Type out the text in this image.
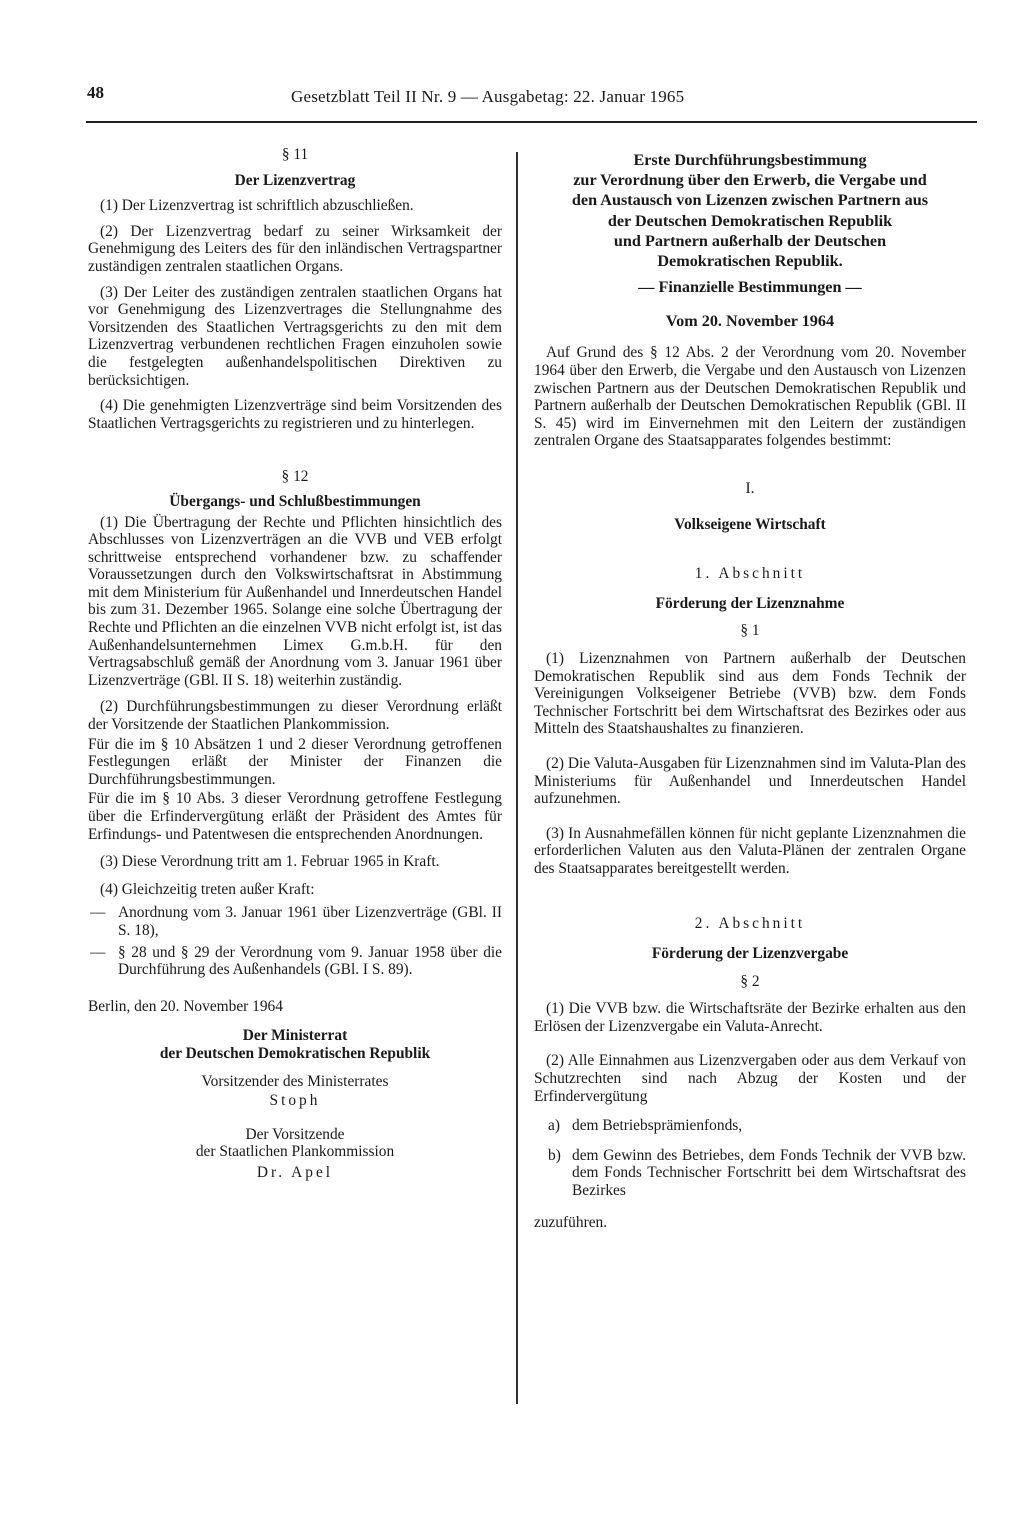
48	Gesetzblatt Teil II Nr. 9 — Ausgabetag: 22. Januar 1965

§ 11

Der Lizenzvertrag

(1) Der Lizenzvertrag ist schriftlich abzuschließen.

(2) Der Lizenzvertrag bedarf zu seiner Wirksamkeit der Genehmigung des Leiters des für den inländischen Vertragspartner zuständigen zentralen staatlichen Organs.

(3) Der Leiter des zuständigen zentralen staatlichen Organs hat vor Genehmigung des Lizenzvertrages die Stellungnahme des Vorsitzenden des Staatlichen Vertragsgerichts zu den mit dem Lizenzvertrag verbundenen rechtlichen Fragen einzuholen sowie die festgelegten außenhandelspolitischen Direktiven zu berücksichtigen.

(4) Die genehmigten Lizenzverträge sind beim Vorsitzenden des Staatlichen Vertragsgerichts zu registrieren und zu hinterlegen.

§ 12

Übergangs- und Schlußbestimmungen

(1) Die Übertragung der Rechte und Pflichten hinsichtlich des Abschlusses von Lizenzverträgen an die VVB und VEB erfolgt schrittweise entsprechend vorhandener bzw. zu schaffender Voraussetzungen durch den Volkswirtschaftsrat in Abstimmung mit dem Ministerium für Außenhandel und Innerdeutschen Handel bis zum 31. Dezember 1965. Solange eine solche Übertragung der Rechte und Pflichten an die einzelnen VVB nicht erfolgt ist, ist das Außenhandelsunternehmen Limex G.m.b.H. für den Vertragsabschluß gemäß der Anordnung vom 3. Januar 1961 über Lizenzverträge (GBl. II S. 18) weiterhin zuständig.

(2) Durchführungsbestimmungen zu dieser Verordnung erläßt der Vorsitzende der Staatlichen Plankommission.

Für die im § 10 Absätzen 1 und 2 dieser Verordnung getroffenen Festlegungen erläßt der Minister der Finanzen die Durchführungsbestimmungen.

Für die im § 10 Abs. 3 dieser Verordnung getroffene Festlegung über die Erfindervergütung erläßt der Präsident des Amtes für Erfindungs- und Patentwesen die entsprechenden Anordnungen.

(3) Diese Verordnung tritt am 1. Februar 1965 in Kraft.

(4) Gleichzeitig treten außer Kraft:

— Anordnung vom 3. Januar 1961 über Lizenzverträge (GBl. II S. 18),
— § 28 und § 29 der Verordnung vom 9. Januar 1958 über die Durchführung des Außenhandels (GBl. I S. 89).

Berlin, den 20. November 1964

Der Ministerrat

der Deutschen Demokratischen Republik

Vorsitzender des Ministerrates

Stoph

Der Vorsitzende

der Staatlichen Plankommission

Dr. Apel

Erste Durchführungsbestimmung
zur Verordnung über den Erwerb, die Vergabe und
den Austausch von Lizenzen zwischen Partnern aus
der Deutschen Demokratischen Republik
und Partnern außerhalb der Deutschen
Demokratischen Republik.

— Finanzielle Bestimmungen —

Vom 20. November 1964

Auf Grund des § 12 Abs. 2 der Verordnung vom 20. November 1964 über den Erwerb, die Vergabe und den Austausch von Lizenzen zwischen Partnern aus der Deutschen Demokratischen Republik und Partnern außerhalb der Deutschen Demokratischen Republik (GBl. II S. 45) wird im Einvernehmen mit den Leitern der zuständigen zentralen Organe des Staatsapparates folgendes bestimmt:

I.

Volkseigene Wirtschaft

1. Abschnitt

Förderung der Lizenznahme

§ 1

(1) Lizenznahmen von Partnern außerhalb der Deutschen Demokratischen Republik sind aus dem Fonds Technik der Vereinigungen Volkseigener Betriebe (VVB) bzw. dem Fonds Technischer Fortschritt bei dem Wirtschaftsrat des Bezirkes oder aus Mitteln des Staatshaushaltes zu finanzieren.

(2) Die Valuta-Ausgaben für Lizenznahmen sind im Valuta-Plan des Ministeriums für Außenhandel und Innerdeutschen Handel aufzunehmen.

(3) In Ausnahmefällen können für nicht geplante Lizenznahmen die erforderlichen Valuten aus den Valuta-Plänen der zentralen Organe des Staatsapparates bereitgestellt werden.

2. Abschnitt

Förderung der Lizenzvergabe

§ 2

(1) Die VVB bzw. die Wirtschaftsräte der Bezirke erhalten aus den Erlösen der Lizenzvergabe ein Valuta-Anrecht.

(2) Alle Einnahmen aus Lizenzvergaben oder aus dem Verkauf von Schutzrechten sind nach Abzug der Kosten und der Erfindervergütung

a) dem Betriebsprämienfonds,
b) dem Gewinn des Betriebes, dem Fonds Technik der VVB bzw. dem Fonds Technischer Fortschritt bei dem Wirtschaftsrat des Bezirkes

zuzuführen.
